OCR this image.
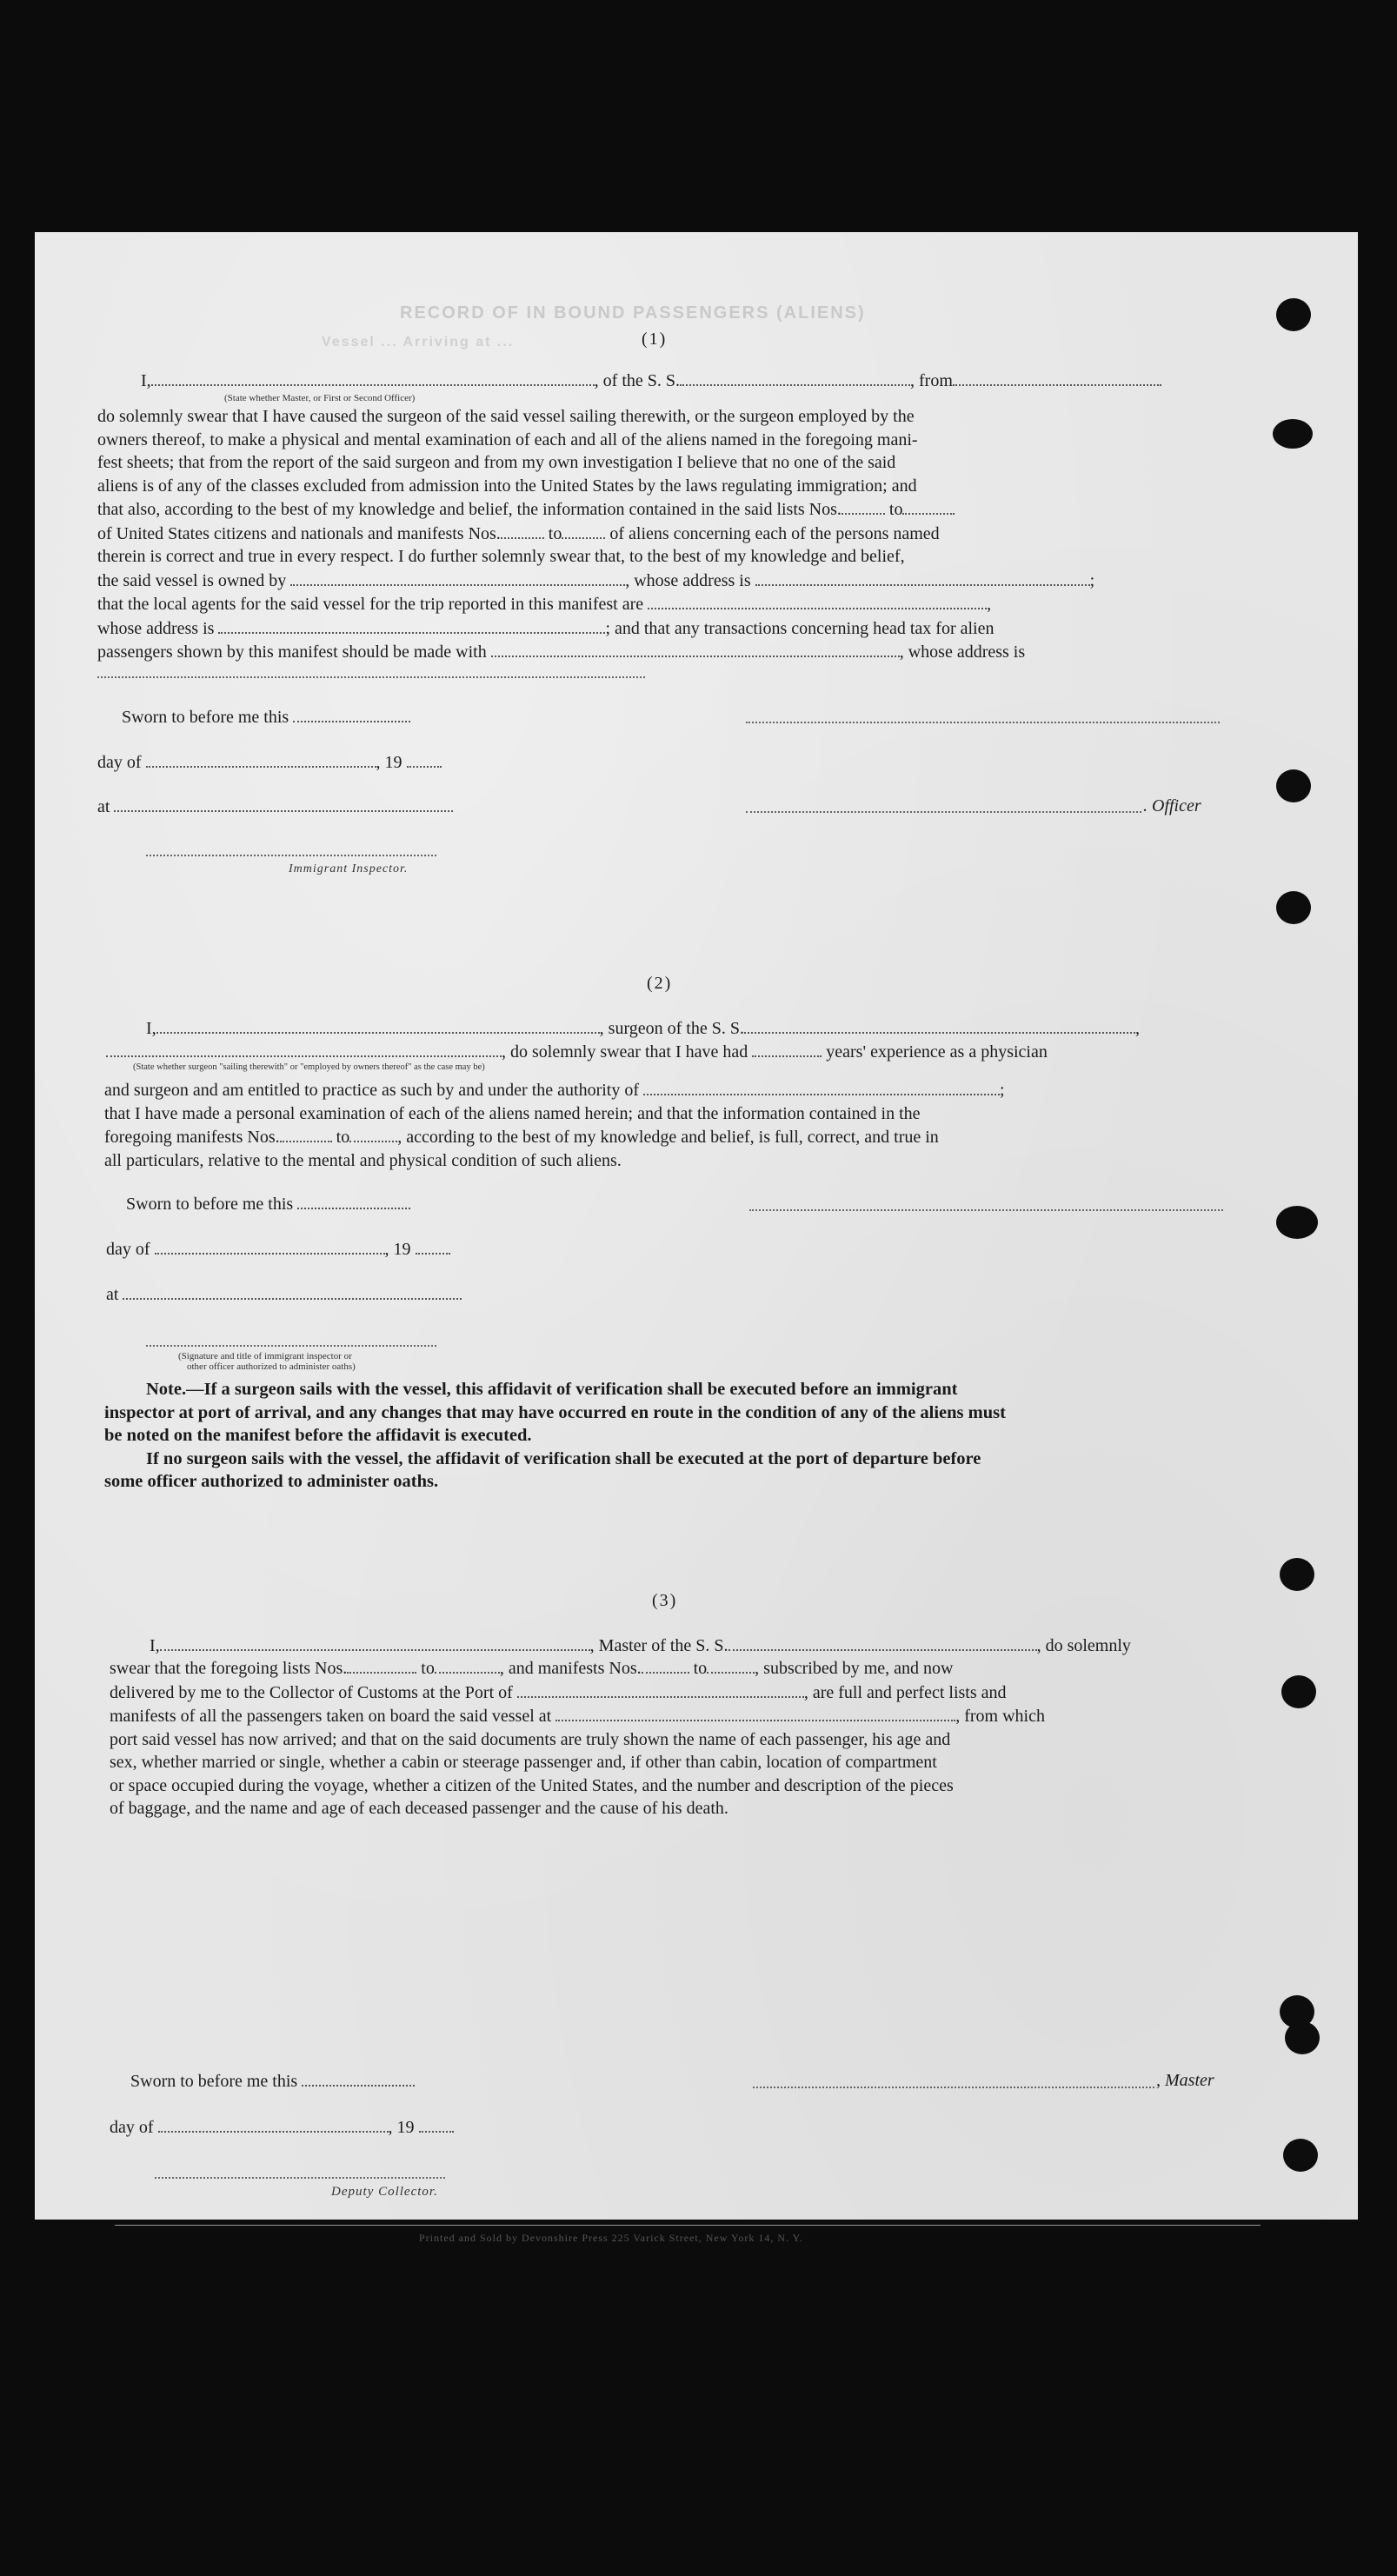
RECORD OF IN BOUND PASSENGERS (ALIENS)
Vessel ... Arriving at ...	(1)
I,	, of the S. S.	, from
(State whether Master, or First or Second Officer)
do solemnly swear that I have caused the surgeon of the said vessel sailing therewith, or the surgeon employed by the
owners thereof, to make a physical and mental examination of each and all of the aliens named in the foregoing mani-
fest sheets; that from the report of the said surgeon and from my own investigation I believe that no one of the said
aliens is of any of the classes excluded from admission into the United States by the laws regulating immigration; and
that also, according to the best of my knowledge and belief, the information contained in the said lists Nos.	to
of United States citizens and nationals and manifests Nos.	to	of aliens concerning each of the persons named
therein is correct and true in every respect. I do further solemnly swear that, to the best of my knowledge and belief,
the said vessel is owned by	, whose address is	;
that the local agents for the said vessel for the trip reported in this manifest are	,
whose address is	; and that any transactions concerning head tax for alien
passengers shown by this manifest should be made with	, whose address is
Sworn to before me this
day of	, 19
at	. Officer
Immigrant Inspector.
(2)
I,	, surgeon of the S. S.	,
, do solemnly swear that I have had	years' experience as a physician
(State whether surgeon "sailing therewith" or "employed by owners thereof" as the case may be)
and surgeon and am entitled to practice as such by and under the authority of	;
that I have made a personal examination of each of the aliens named herein; and that the information contained in the
foregoing manifests Nos.	to	, according to the best of my knowledge and belief, is full, correct, and true in
all particulars, relative to the mental and physical condition of such aliens.
Sworn to before me this
day of	, 19
at
(Signature and title of immigrant inspector or
other officer authorized to administer oaths)
Note.—If a surgeon sails with the vessel, this affidavit of verification shall be executed before an immigrant
inspector at port of arrival, and any changes that may have occurred en route in the condition of any of the aliens must
be noted on the manifest before the affidavit is executed.
If no surgeon sails with the vessel, the affidavit of verification shall be executed at the port of departure before
some officer authorized to administer oaths.
(3)
I,	, Master of the S. S.	, do solemnly
swear that the foregoing lists Nos.	to	, and manifests Nos.	to	, subscribed by me, and now
delivered by me to the Collector of Customs at the Port of	, are full and perfect lists and
manifests of all the passengers taken on board the said vessel at	, from which
port said vessel has now arrived; and that on the said documents are truly shown the name of each passenger, his age and
sex, whether married or single, whether a cabin or steerage passenger and, if other than cabin, location of compartment
or space occupied during the voyage, whether a citizen of the United States, and the number and description of the pieces
of baggage, and the name and age of each deceased passenger and the cause of his death.
Sworn to before me this	, Master
day of	, 19
Deputy Collector.
Printed and Sold by Devonshire Press 225 Varick Street, New York 14, N. Y.
